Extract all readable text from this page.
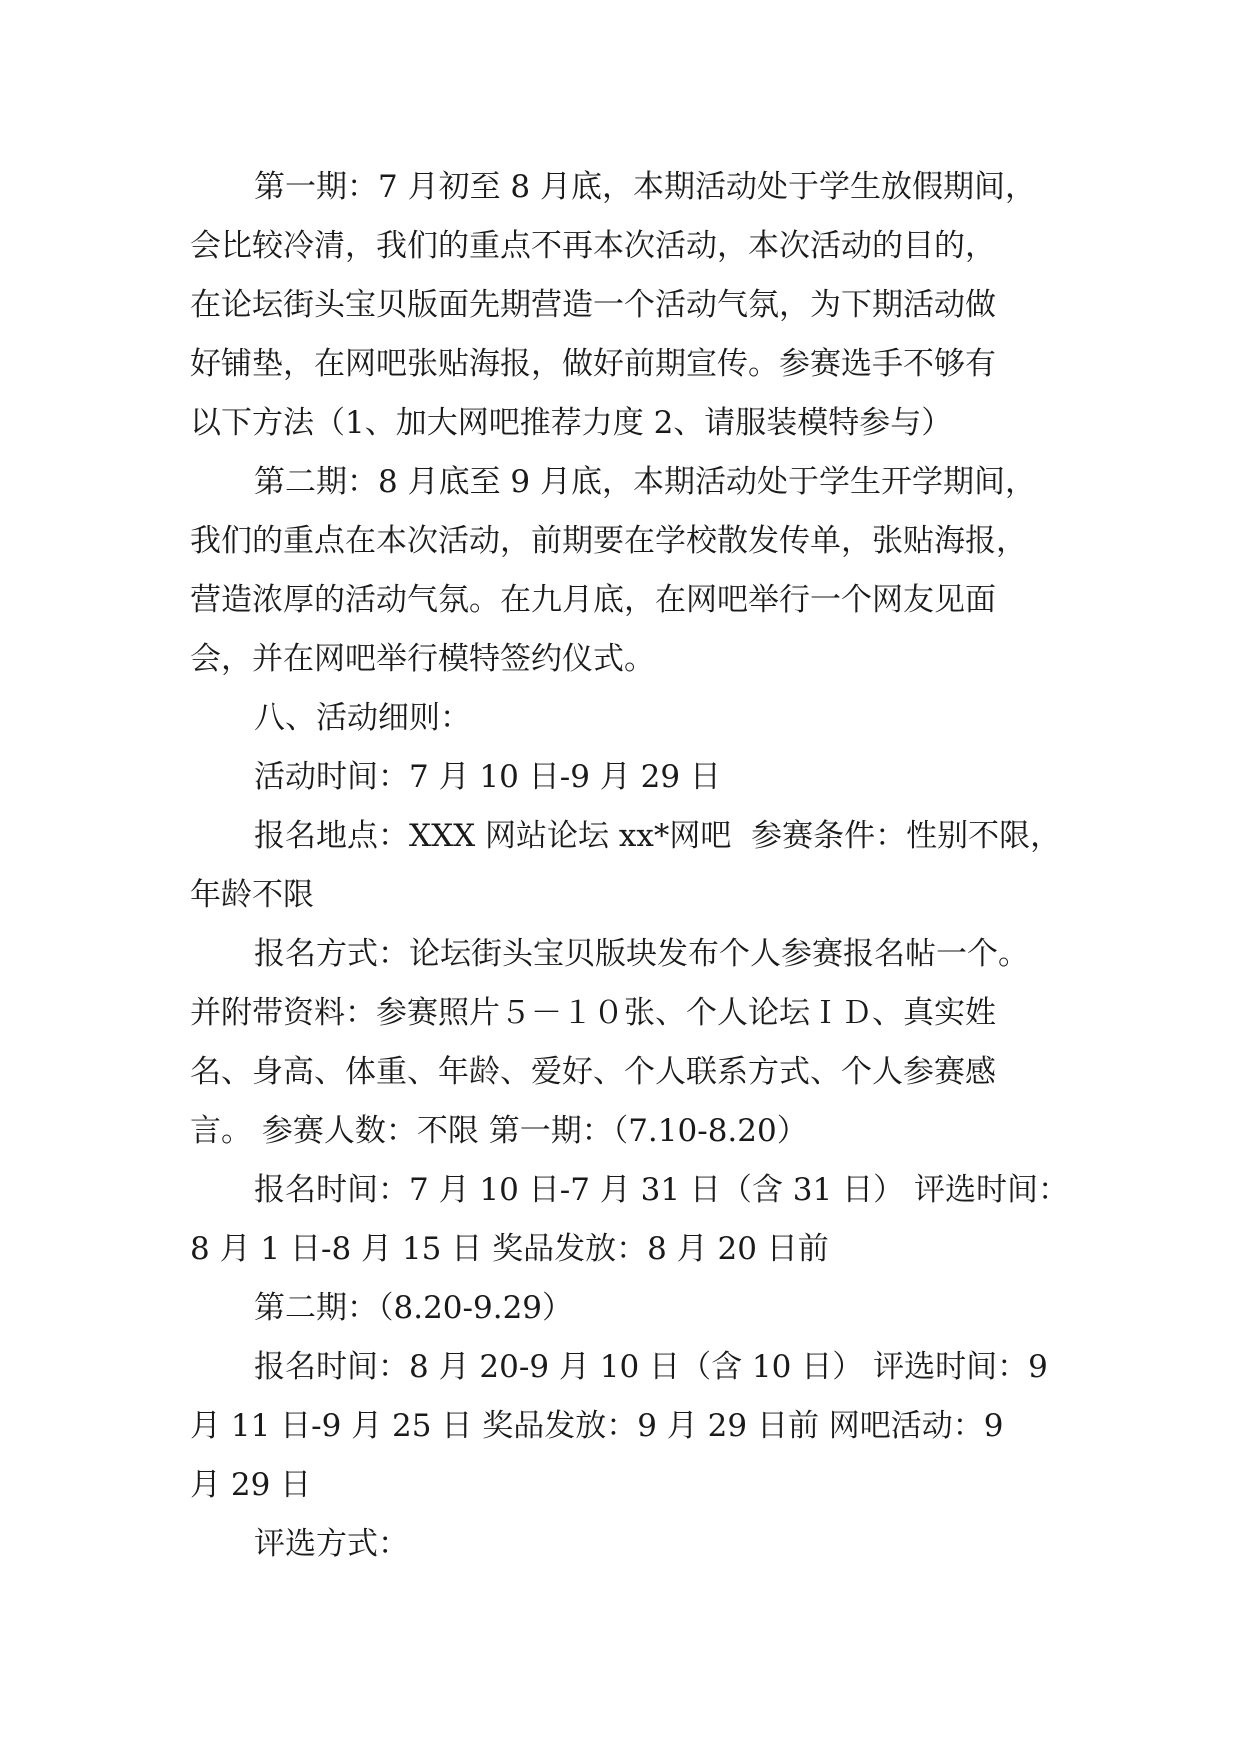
第一期：7 月初至 8 月底，本期活动处于学生放假期间，
会比较冷清，我们的重点不再本次活动，本次活动的目的，
在论坛街头宝贝版面先期营造一个活动气氛，为下期活动做
好铺垫，在网吧张贴海报，做好前期宣传。参赛选手不够有
以下方法（1、加大网吧推荐力度 2、请服装模特参与）
第二期：8 月底至 9 月底，本期活动处于学生开学期间，
我们的重点在本次活动，前期要在学校散发传单，张贴海报，
营造浓厚的活动气氛。在九月底，在网吧举行一个网友见面
会，并在网吧举行模特签约仪式。
八、活动细则：
活动时间：7 月 10 日-9 月 29 日
报名地点：XXX 网站论坛 xx*网吧  参赛条件：性别不限，
年龄不限
报名方式：论坛街头宝贝版块发布个人参赛报名帖一个。
并附带资料：参赛照片５－１０张、个人论坛ＩＤ、真实姓
名、身高、体重、年龄、爱好、个人联系方式、个人参赛感
言。 参赛人数：不限 第一期：（7.10-8.20）
报名时间：7 月 10 日-7 月 31 日（含 31 日） 评选时间：
8 月 1 日-8 月 15 日 奖品发放：8 月 20 日前
第二期：（8.20-9.29）
报名时间：8 月 20-9 月 10 日（含 10 日） 评选时间：9
月 11 日-9 月 25 日 奖品发放：9 月 29 日前 网吧活动：9
月 29 日
评选方式：
